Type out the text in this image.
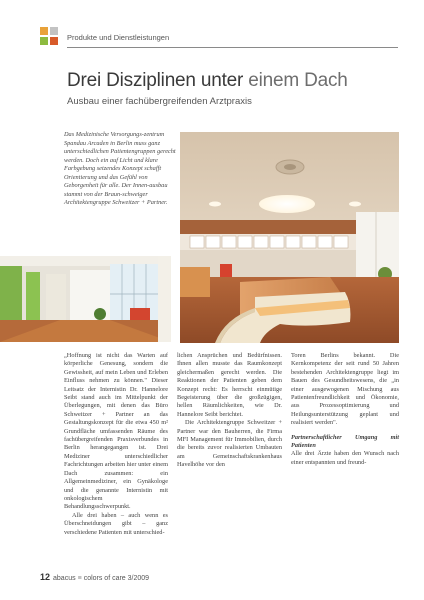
Produkte und Dienstleistungen
Drei Disziplinen unter einem Dach
Ausbau einer fachübergreifenden Arztpraxis
Das Medizinische Versorgungs-zentrum Spandau Arcaden in Berlin muss ganz unterschiedlichen Patientengruppen gerecht werden. Doch ein auf Licht und klare Farbgebung setzendes Konzept schafft Orientierung und das Gefühl von Geborgenheit für alle. Der Innen-ausbau stammt von der Braun-schweiger Architektengruppe Schweitzer + Partner.

„Hoffnung ist nicht das Warten auf körperliche Genesung, sondern die Gewissheit, auf mein Leben und Erleben Einfluss nehmen zu können." Dieser Leitsatz der Internistin Dr. Hannelore Seibt stand auch im Mittelpunkt der Überlegungen, mit denen das Büro Schweitzer + Partner an das Gestaltungskonzept für die etwa 450 m² Grundfläche umfassenden Räume des fachübergreifenden Praxisverbundes in Berlin herangegangen ist. Drei Mediziner unterschiedlicher Fachrichtungen arbeiten hier unter einem Dach zusammen: ein Allgemeinmediziner, ein Gynäkologe und die genannte Internistin mit onkologischem Behandlungsschwerpunkt.

Alle drei haben – auch wenn es Überschneidungen gibt – ganz verschiedene Patienten mit unterschied-

lichen Ansprüchen und Bedürfnissen. Ihnen allen musste das Raumkonzept gleichermaßen gerecht werden. Die Reaktionen der Patienten geben dem Konzept recht: Es herrscht einmütige Begeisterung über die großzügigen, hellen Räumlichkeiten, wie Dr. Hannelore Seibt berichtet.

Die Architektengruppe Schweitzer + Partner war den Bauherren, die Firma MFI Management für Immobilien, durch die bereits zuvor realisierten Umbauten am Gemeinschaftskrankenhaus Havelhöhe vor den

Toren Berlins bekannt. Die Kernkompetenz der seit rund 50 Jahren bestehenden Architektengruppe liegt im Bauen des Gesundheitswesens, die „in einer ausgewogenen Mischung aus Patientenfreundlichkeit und Ökonomie, aus Prozessoptimierung und Heilungsunterstützung geplant und realisiert werden".

Partnerschaftlicher Umgang mit Patienten

Alle drei Ärzte haben den Wunsch nach einer entspannten und freund-

12 abacus ≡ colors of care 3/2009
